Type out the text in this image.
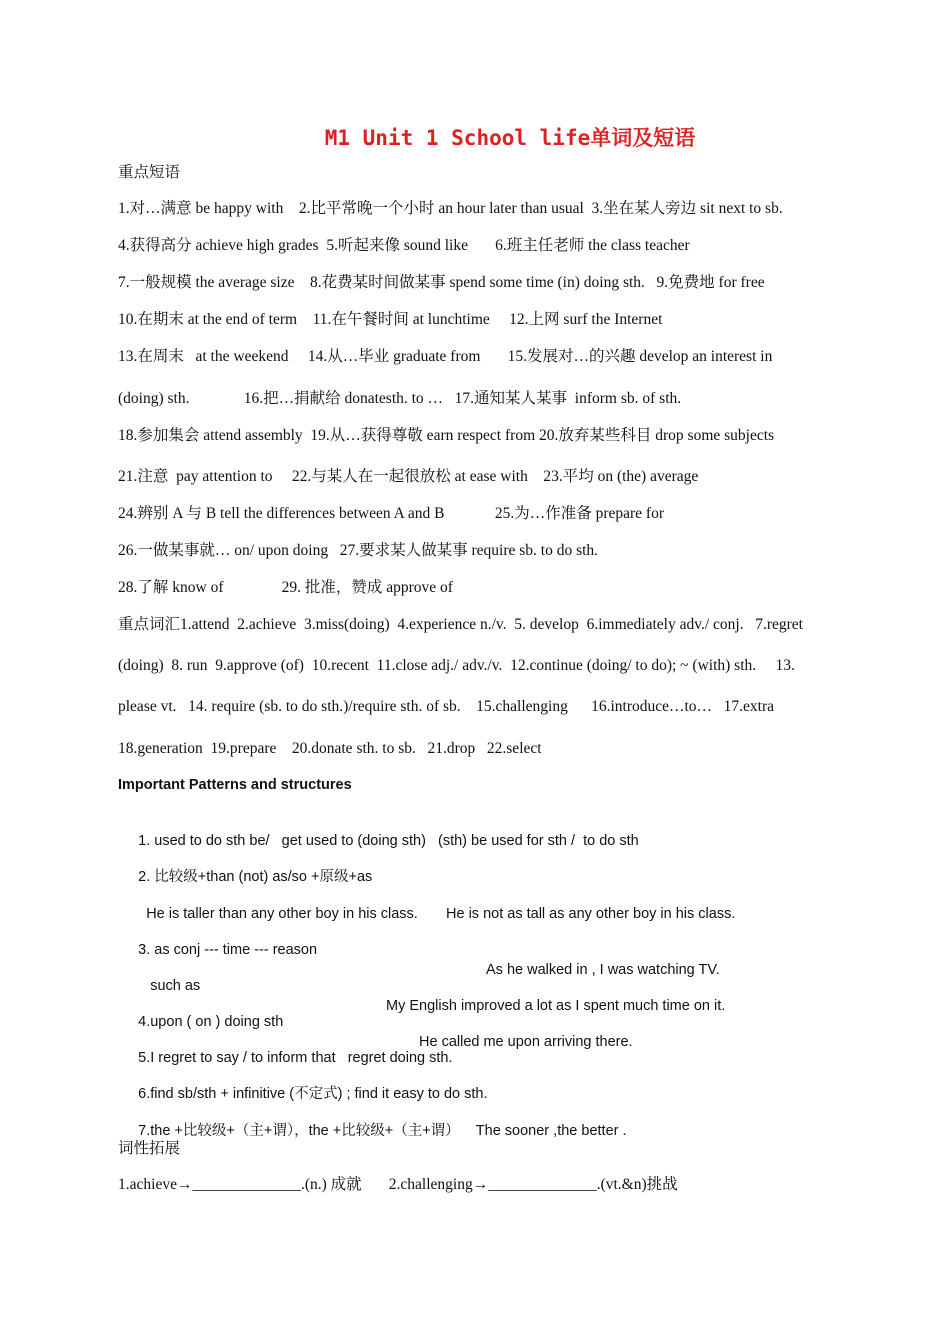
M1 Unit 1 School life单词及短语
重点短语
1.对…满意 be happy with    2.比平常晚一个小时 an hour later than usual  3.坐在某人旁边 sit next to sb.
4.获得高分 achieve high grades  5.听起来像 sound like       6.班主任老师 the class teacher
7.一般规模 the average size    8.花费某时间做某事 spend some time (in) doing sth.   9.免费地 for free
10.在期末 at the end of term    11.在午餐时间 at lunchtime     12.上网 surf the Internet
13.在周末   at the weekend     14.从…毕业 graduate from       15.发展对…的兴趣 develop an interest in
(doing) sth.              16.把…捐献给 donatesth. to …   17.通知某人某事  inform sb. of sth.
18.参加集会 attend assembly  19.从…获得尊敬 earn respect from 20.放弃某些科目 drop some subjects
21.注意  pay attention to     22.与某人在一起很放松 at ease with    23.平均 on (the) average
24.辨别 A 与 B tell the differences between A and B             25.为…作准备 prepare for
26.一做某事就… on/ upon doing   27.要求某人做某事 require sb. to do sth.
28.了解 know of               29. 批准，赞成 approve of
重点词汇1.attend  2.achieve  3.miss(doing)  4.experience n./v.  5. develop  6.immediately adv./ conj.   7.regret
(doing)  8. run  9.approve (of)  10.recent  11.close adj./ adv./v.  12.continue (doing/ to do); ~ (with) sth.     13.
please vt.   14. require (sb. to do sth.)/require sth. of sb.    15.challenging      16.introduce…to…   17.extra
18.generation  19.prepare    20.donate sth. to sb.   21.drop   22.select
Important Patterns and structures

1. used to do sth be/   get used to (doing sth)   (sth) be used for sth /  to do sth

2. 比较级+than (not) as/so +原级+as

He is taller than any other boy in his class.       He is not as tall as any other boy in his class.

3. as conj --- time --- reason

As he walked in , I was watching TV.

such as

My English improved a lot as I spent much time on it.

4.upon ( on ) doing sth

He called me upon arriving there.

5.I regret to say / to inform that   regret doing sth.

6.find sb/sth + infinitive (不定式) ; find it easy to do sth.

7.the +比较级+（主+谓），the +比较级+（主+谓）    The sooner ,the better .

词性拓展
1.achieve→______________.(n.) 成就       2.challenging→______________.(vt.&n)挑战
